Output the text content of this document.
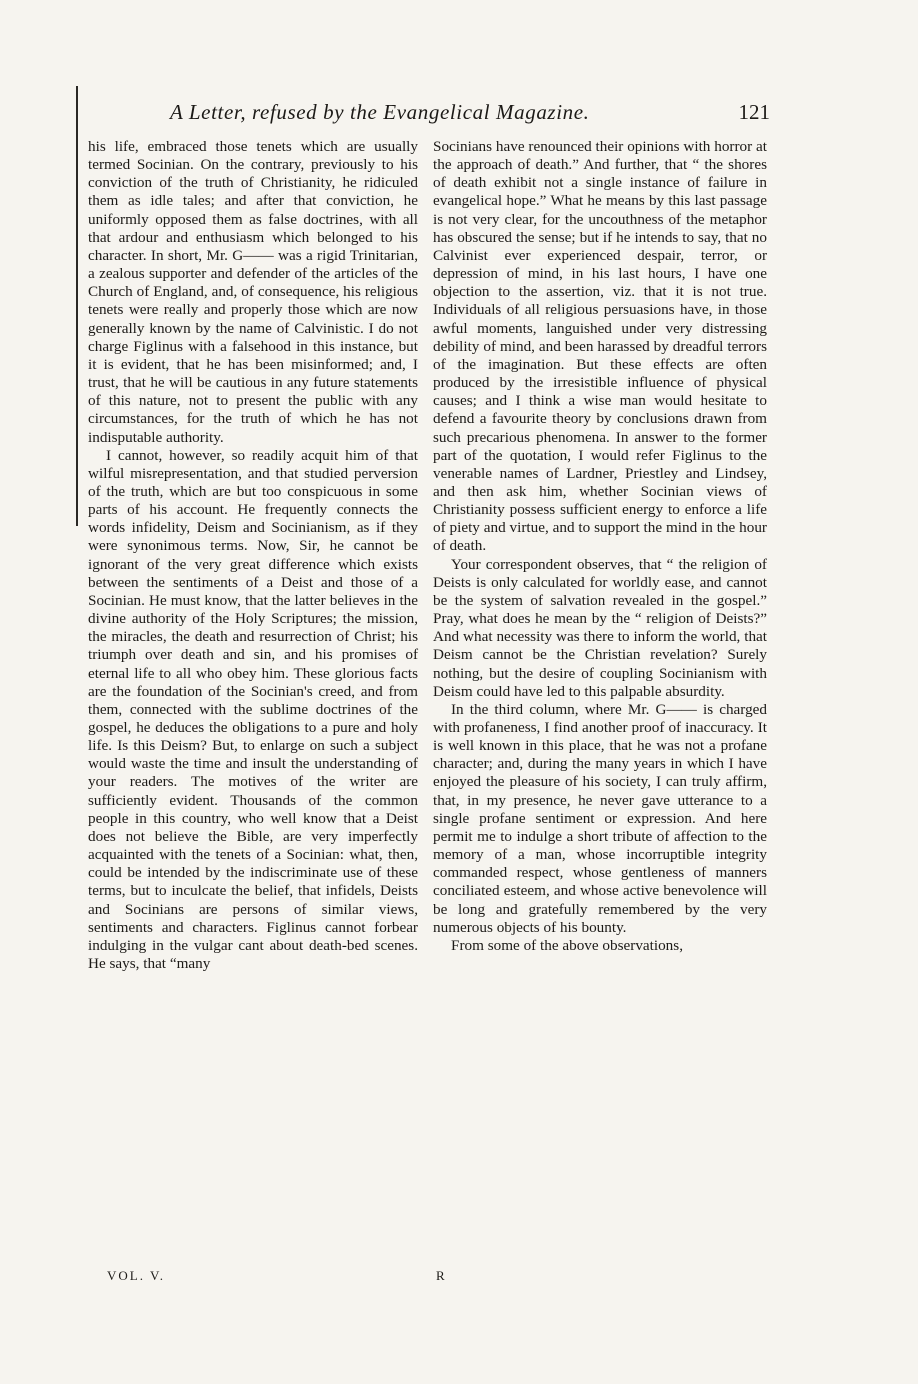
A Letter, refused by the Evangelical Magazine.	121

his life, embraced those tenets which are usually termed Socinian. On the contrary, previously to his conviction of the truth of Christianity, he ridiculed them as idle tales; and after that conviction, he uniformly opposed them as false doctrines, with all that ardour and enthusiasm which belonged to his character. In short, Mr. G—— was a rigid Trinitarian, a zealous supporter and defender of the articles of the Church of England, and, of consequence, his religious tenets were really and properly those which are now generally known by the name of Calvinistic. I do not charge Figlinus with a falsehood in this instance, but it is evident, that he has been misinformed; and, I trust, that he will be cautious in any future statements of this nature, not to present the public with any circumstances, for the truth of which he has not indisputable authority.

I cannot, however, so readily acquit him of that wilful misrepresentation, and that studied perversion of the truth, which are but too conspicuous in some parts of his account. He frequently connects the words infidelity, Deism and Socinianism, as if they were synonimous terms. Now, Sir, he cannot be ignorant of the very great difference which exists between the sentiments of a Deist and those of a Socinian. He must know, that the latter believes in the divine authority of the Holy Scriptures; the mission, the miracles, the death and resurrection of Christ; his triumph over death and sin, and his promises of eternal life to all who obey him. These glorious facts are the foundation of the Socinian's creed, and from them, connected with the sublime doctrines of the gospel, he deduces the obligations to a pure and holy life. Is this Deism? But, to enlarge on such a subject would waste the time and insult the understanding of your readers. The motives of the writer are sufficiently evident. Thousands of the common people in this country, who well know that a Deist does not believe the Bible, are very imperfectly acquainted with the tenets of a Socinian: what, then, could be intended by the indiscriminate use of these terms, but to inculcate the belief, that infidels, Deists and Socinians are persons of similar views, sentiments and characters. Figlinus cannot forbear indulging in the vulgar cant about death-bed scenes. He says, that “many

Socinians have renounced their opinions with horror at the approach of death.” And further, that “ the shores of death exhibit not a single instance of failure in evangelical hope.” What he means by this last passage is not very clear, for the uncouthness of the metaphor has obscured the sense; but if he intends to say, that no Calvinist ever experienced despair, terror, or depression of mind, in his last hours, I have one objection to the assertion, viz. that it is not true. Individuals of all religious persuasions have, in those awful moments, languished under very distressing debility of mind, and been harassed by dreadful terrors of the imagination. But these effects are often produced by the irresistible influence of physical causes; and I think a wise man would hesitate to defend a favourite theory by conclusions drawn from such precarious phenomena. In answer to the former part of the quotation, I would refer Figlinus to the venerable names of Lardner, Priestley and Lindsey, and then ask him, whether Socinian views of Christianity possess sufficient energy to enforce a life of piety and virtue, and to support the mind in the hour of death.

Your correspondent observes, that “ the religion of Deists is only calculated for worldly ease, and cannot be the system of salvation revealed in the gospel.” Pray, what does he mean by the “ religion of Deists?” And what necessity was there to inform the world, that Deism cannot be the Christian revelation? Surely nothing, but the desire of coupling Socinianism with Deism could have led to this palpable absurdity.

In the third column, where Mr. G—— is charged with profaneness, I find another proof of inaccuracy. It is well known in this place, that he was not a profane character; and, during the many years in which I have enjoyed the pleasure of his society, I can truly affirm, that, in my presence, he never gave utterance to a single profane sentiment or expression. And here permit me to indulge a short tribute of affection to the memory of a man, whose incorruptible integrity commanded respect, whose gentleness of manners conciliated esteem, and whose active benevolence will be long and gratefully remembered by the very numerous objects of his bounty.

From some of the above observations,

VOL. V.	R
